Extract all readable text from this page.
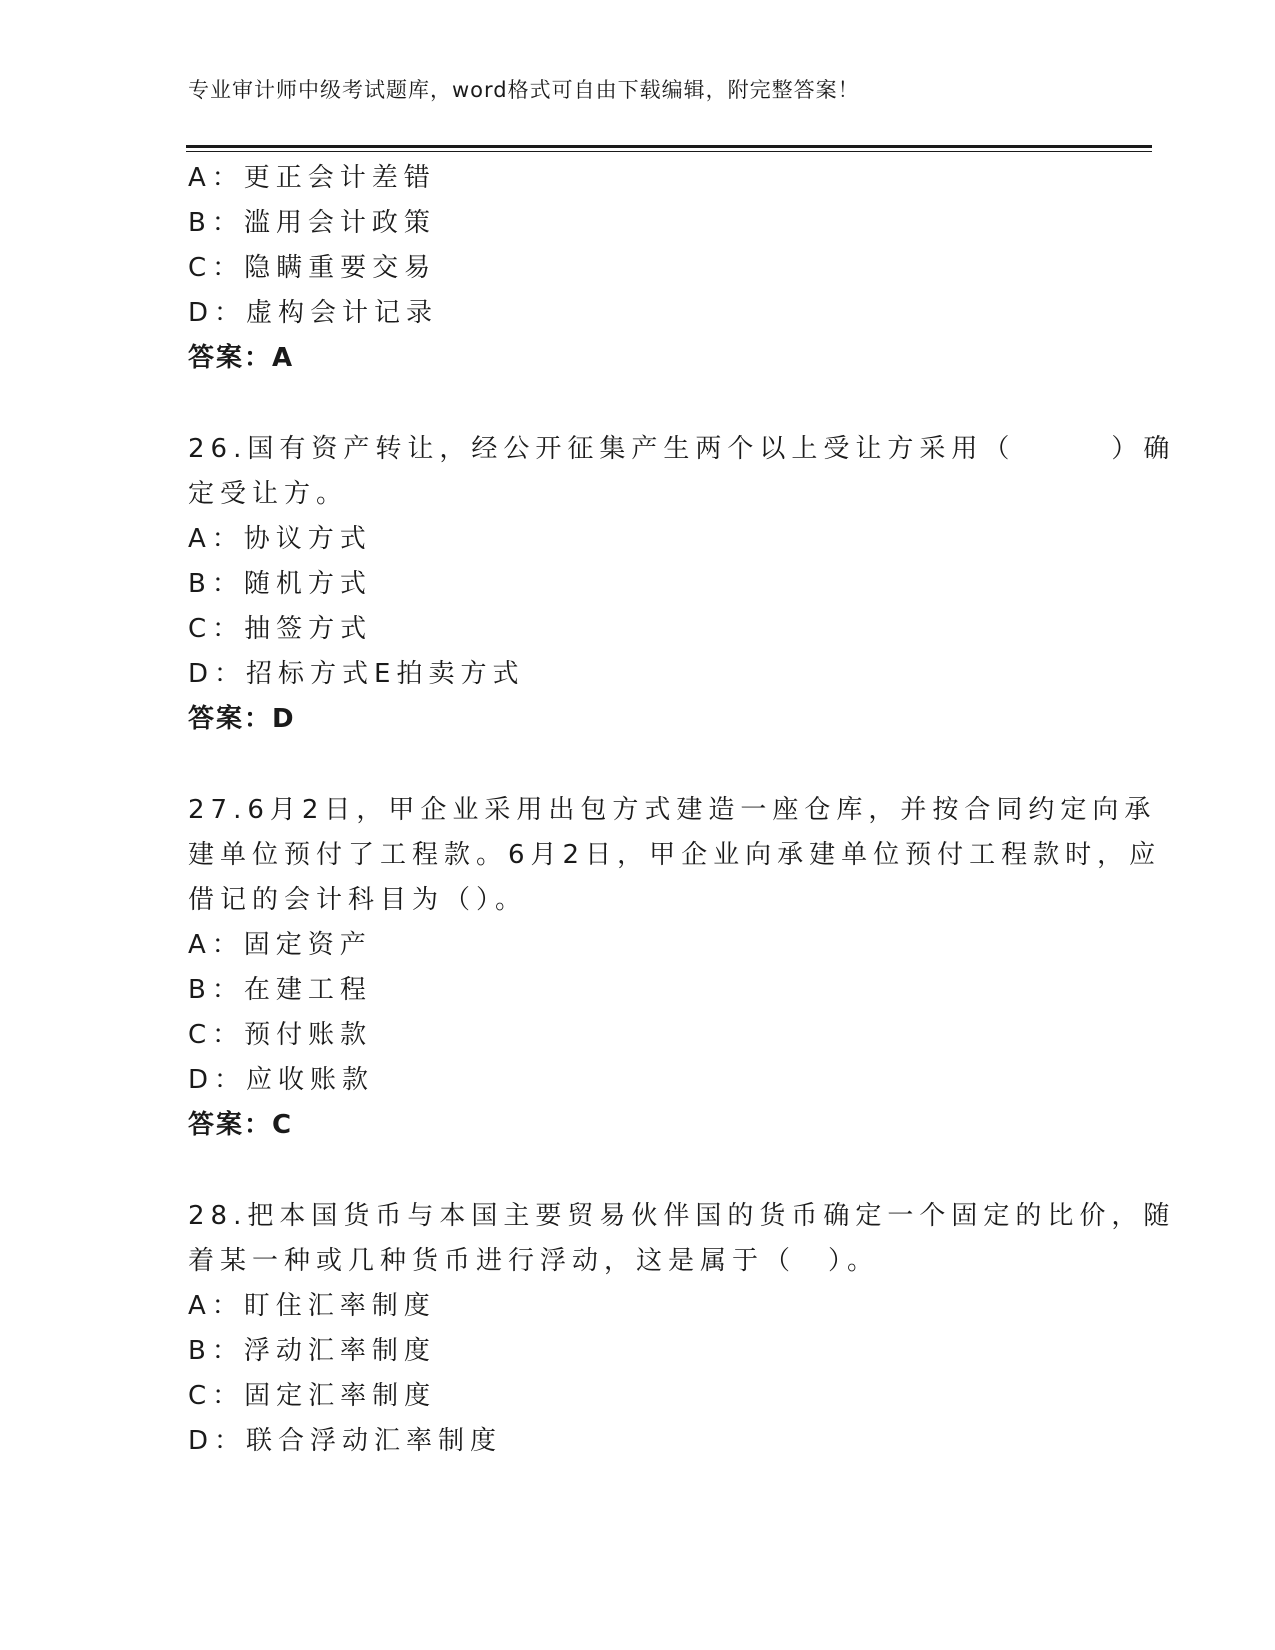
专业审计师中级考试题库，word格式可自由下载编辑，附完整答案！
A：更正会计差错
B：滥用会计政策
C：隐瞒重要交易
D：虚构会计记录
答案：A
26.国有资产转让，经公开征集产生两个以上受让方采用（　　　）确
定受让方。
A：协议方式
B：随机方式
C：抽签方式
D：招标方式E拍卖方式
答案：D
27.6月2日，甲企业采用出包方式建造一座仓库，并按合同约定向承
建单位预付了工程款。6月2日，甲企业向承建单位预付工程款时，应
借记的会计科目为（）。
A：固定资产
B：在建工程
C：预付账款
D：应收账款
答案：C
28.把本国货币与本国主要贸易伙伴国的货币确定一个固定的比价，随
着某一种或几种货币进行浮动，这是属于（　）。
A：盯住汇率制度
B：浮动汇率制度
C：固定汇率制度
D：联合浮动汇率制度
